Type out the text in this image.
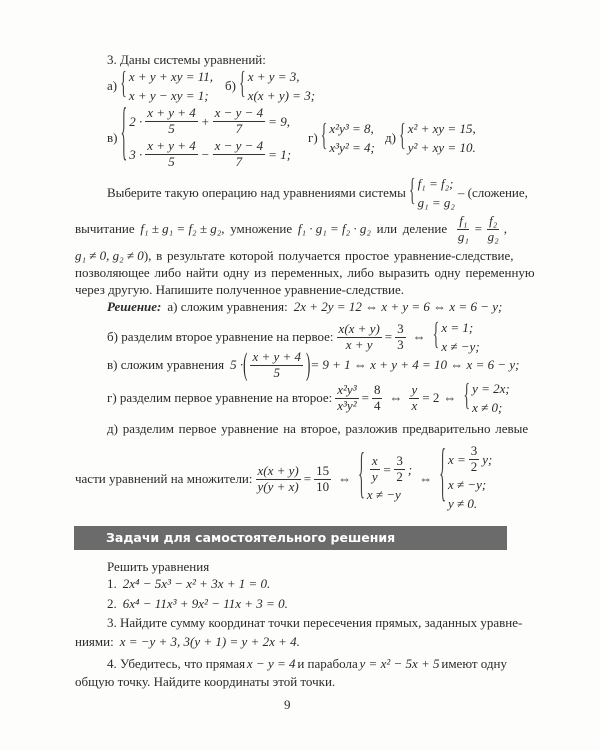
3. Даны системы уравнений:
а) { x + y + xy = 11,
x + y − xy = 1;
б) { x + y = 3,
x(x + y) = 3;
в) { $2 \cdot \frac{x + y + 4}{5} + \frac{x - y - 4}{7} = 9$,
$3 \cdot \frac{x + y + 4}{5} - \frac{x - y - 4}{7} = 1$;
г) { x²y³ = 8,
x³y² = 4;
д) { x² + xy = 15,
y² + xy = 10.
Выберите такую операцию над уравнениями системы { f₁ = f₂;
g₁ = g₂
– (сложение,
вычитание f₁ ± g₁ = f₂ ± g₂, умножение f₁ · g₁ = f₂ · g₂ или деление $\frac{\text{f₁}}{\text{g₁}} = \frac{\text{f₂}}{\text{g₂}}$ ,
g₁ ≠ 0, g₂ ≠ 0 ), в результате которой получается простое уравнение-следствие,
позволяющее либо найти одну из переменных, либо выразить одну переменную
через другую. Напишите полученное уравнение-следствие.
Решение: а) сложим уравнения: 2x + 2y = 12 ⇔ x + y = 6 ⇔ x = 6 − y;
б) разделим второе уравнение на первое: $\frac{x(x + y)}{x + y} = \frac{3}{3}$ ⇔ { x = 1;
x ≠ −y;
в) сложим уравнения 5 · ( $\frac{x + y + 4}{5}$ ) = 9 + 1 ⇔ x + y + 4 = 10 ⇔ x = 6 − y;
г) разделим первое уравнение на второе: $\frac{\text{x²y³}}{\text{x³y²}} = \frac{8}{4}$ ⇔ $\frac{y}{x} = 2$ ⇔ { y = 2x;
x ≠ 0;
д) разделим первое уравнение на второе, разложив предварительно левые
части уравнений на множители: $\frac{x(x + y)}{y(y + x)} = \frac{15}{10}$ ⇔ { $\frac{x}{y} = \frac{3}{2}$ ;
x ≠ −y
⇔ { $x = \frac{3}{2} y$;
x ≠ −y;
y ≠ 0.
Задачи для самостоятельного решения
Решить уравнения
1. 2x⁴ − 5x³ − x² + 3x + 1 = 0.
2. 6x⁴ − 11x³ + 9x² − 11x + 3 = 0.
3. Найдите сумму координат точки пересечения прямых, заданных уравне-
ниями: x = −y + 3, 3(y + 1) = y + 2x + 4.
4. Убедитесь, что прямая x − y = 4 и парабола y = x² − 5x + 5 имеют одну
общую точку. Найдите координаты этой точки.
9
